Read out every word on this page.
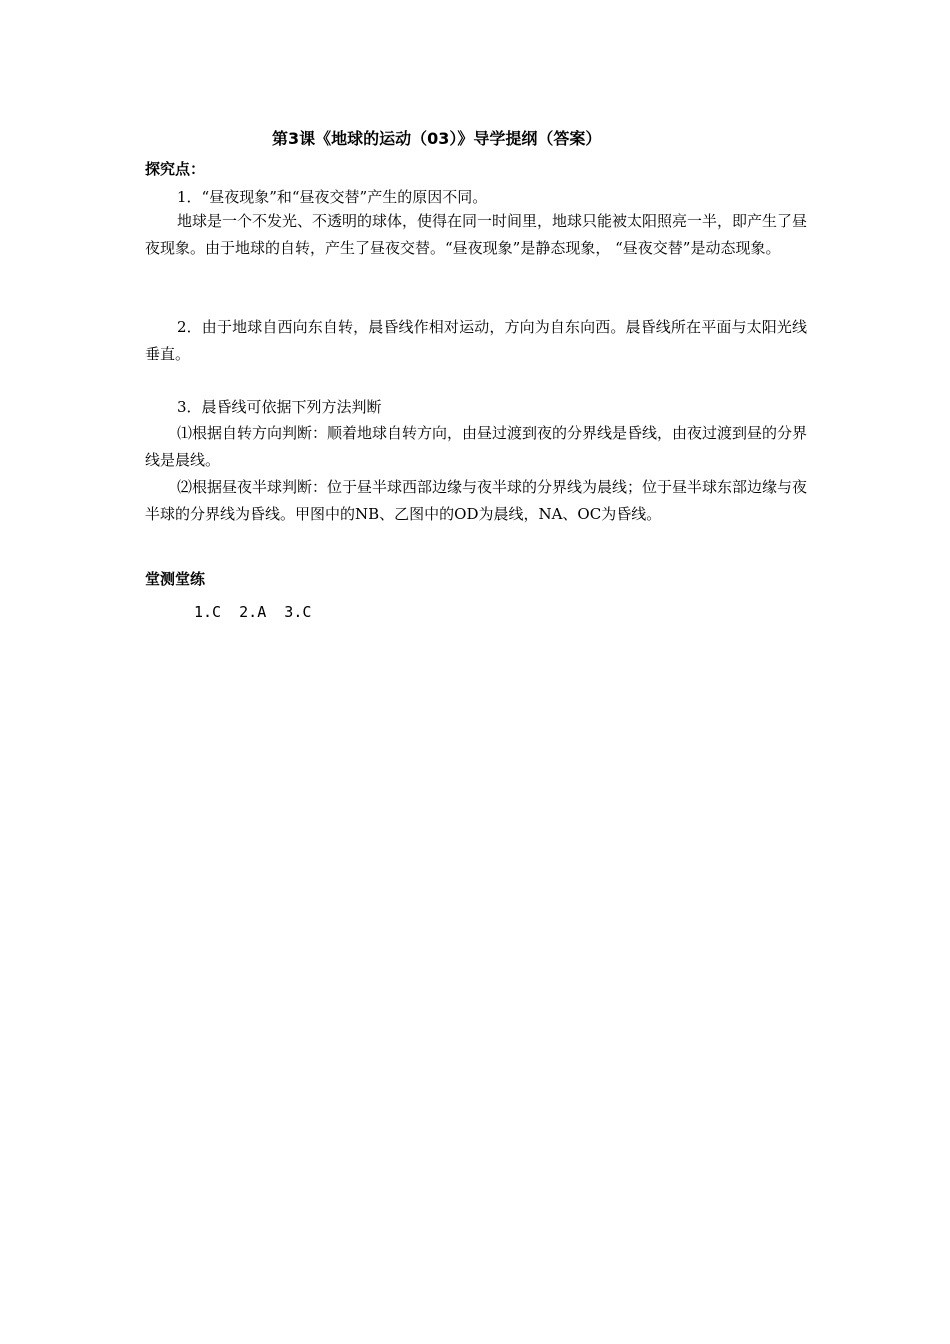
第3课《地球的运动（03）》导学提纲（答案）
探究点：
1．“昼夜现象”和“昼夜交替”产生的原因不同。

地球是一个不发光、不透明的球体，使得在同一时间里，地球只能被太阳照亮一半，即产生了昼夜现象。由于地球的自转，产生了昼夜交替。“昼夜现象”是静态现象， “昼夜交替”是动态现象。

2．由于地球自西向东自转，晨昏线作相对运动，方向为自东向西。晨昏线所在平面与太阳光线垂直。

3．晨昏线可依据下列方法判断

⑴根据自转方向判断：顺着地球自转方向，由昼过渡到夜的分界线是昏线，由夜过渡到昼的分界线是晨线。

⑵根据昼夜半球判断：位于昼半球西部边缘与夜半球的分界线为晨线；位于昼半球东部边缘与夜半球的分界线为昏线。甲图中的NB、乙图中的OD为晨线，NA、OC为昏线。

堂测堂练
1.C  2.A  3.C
